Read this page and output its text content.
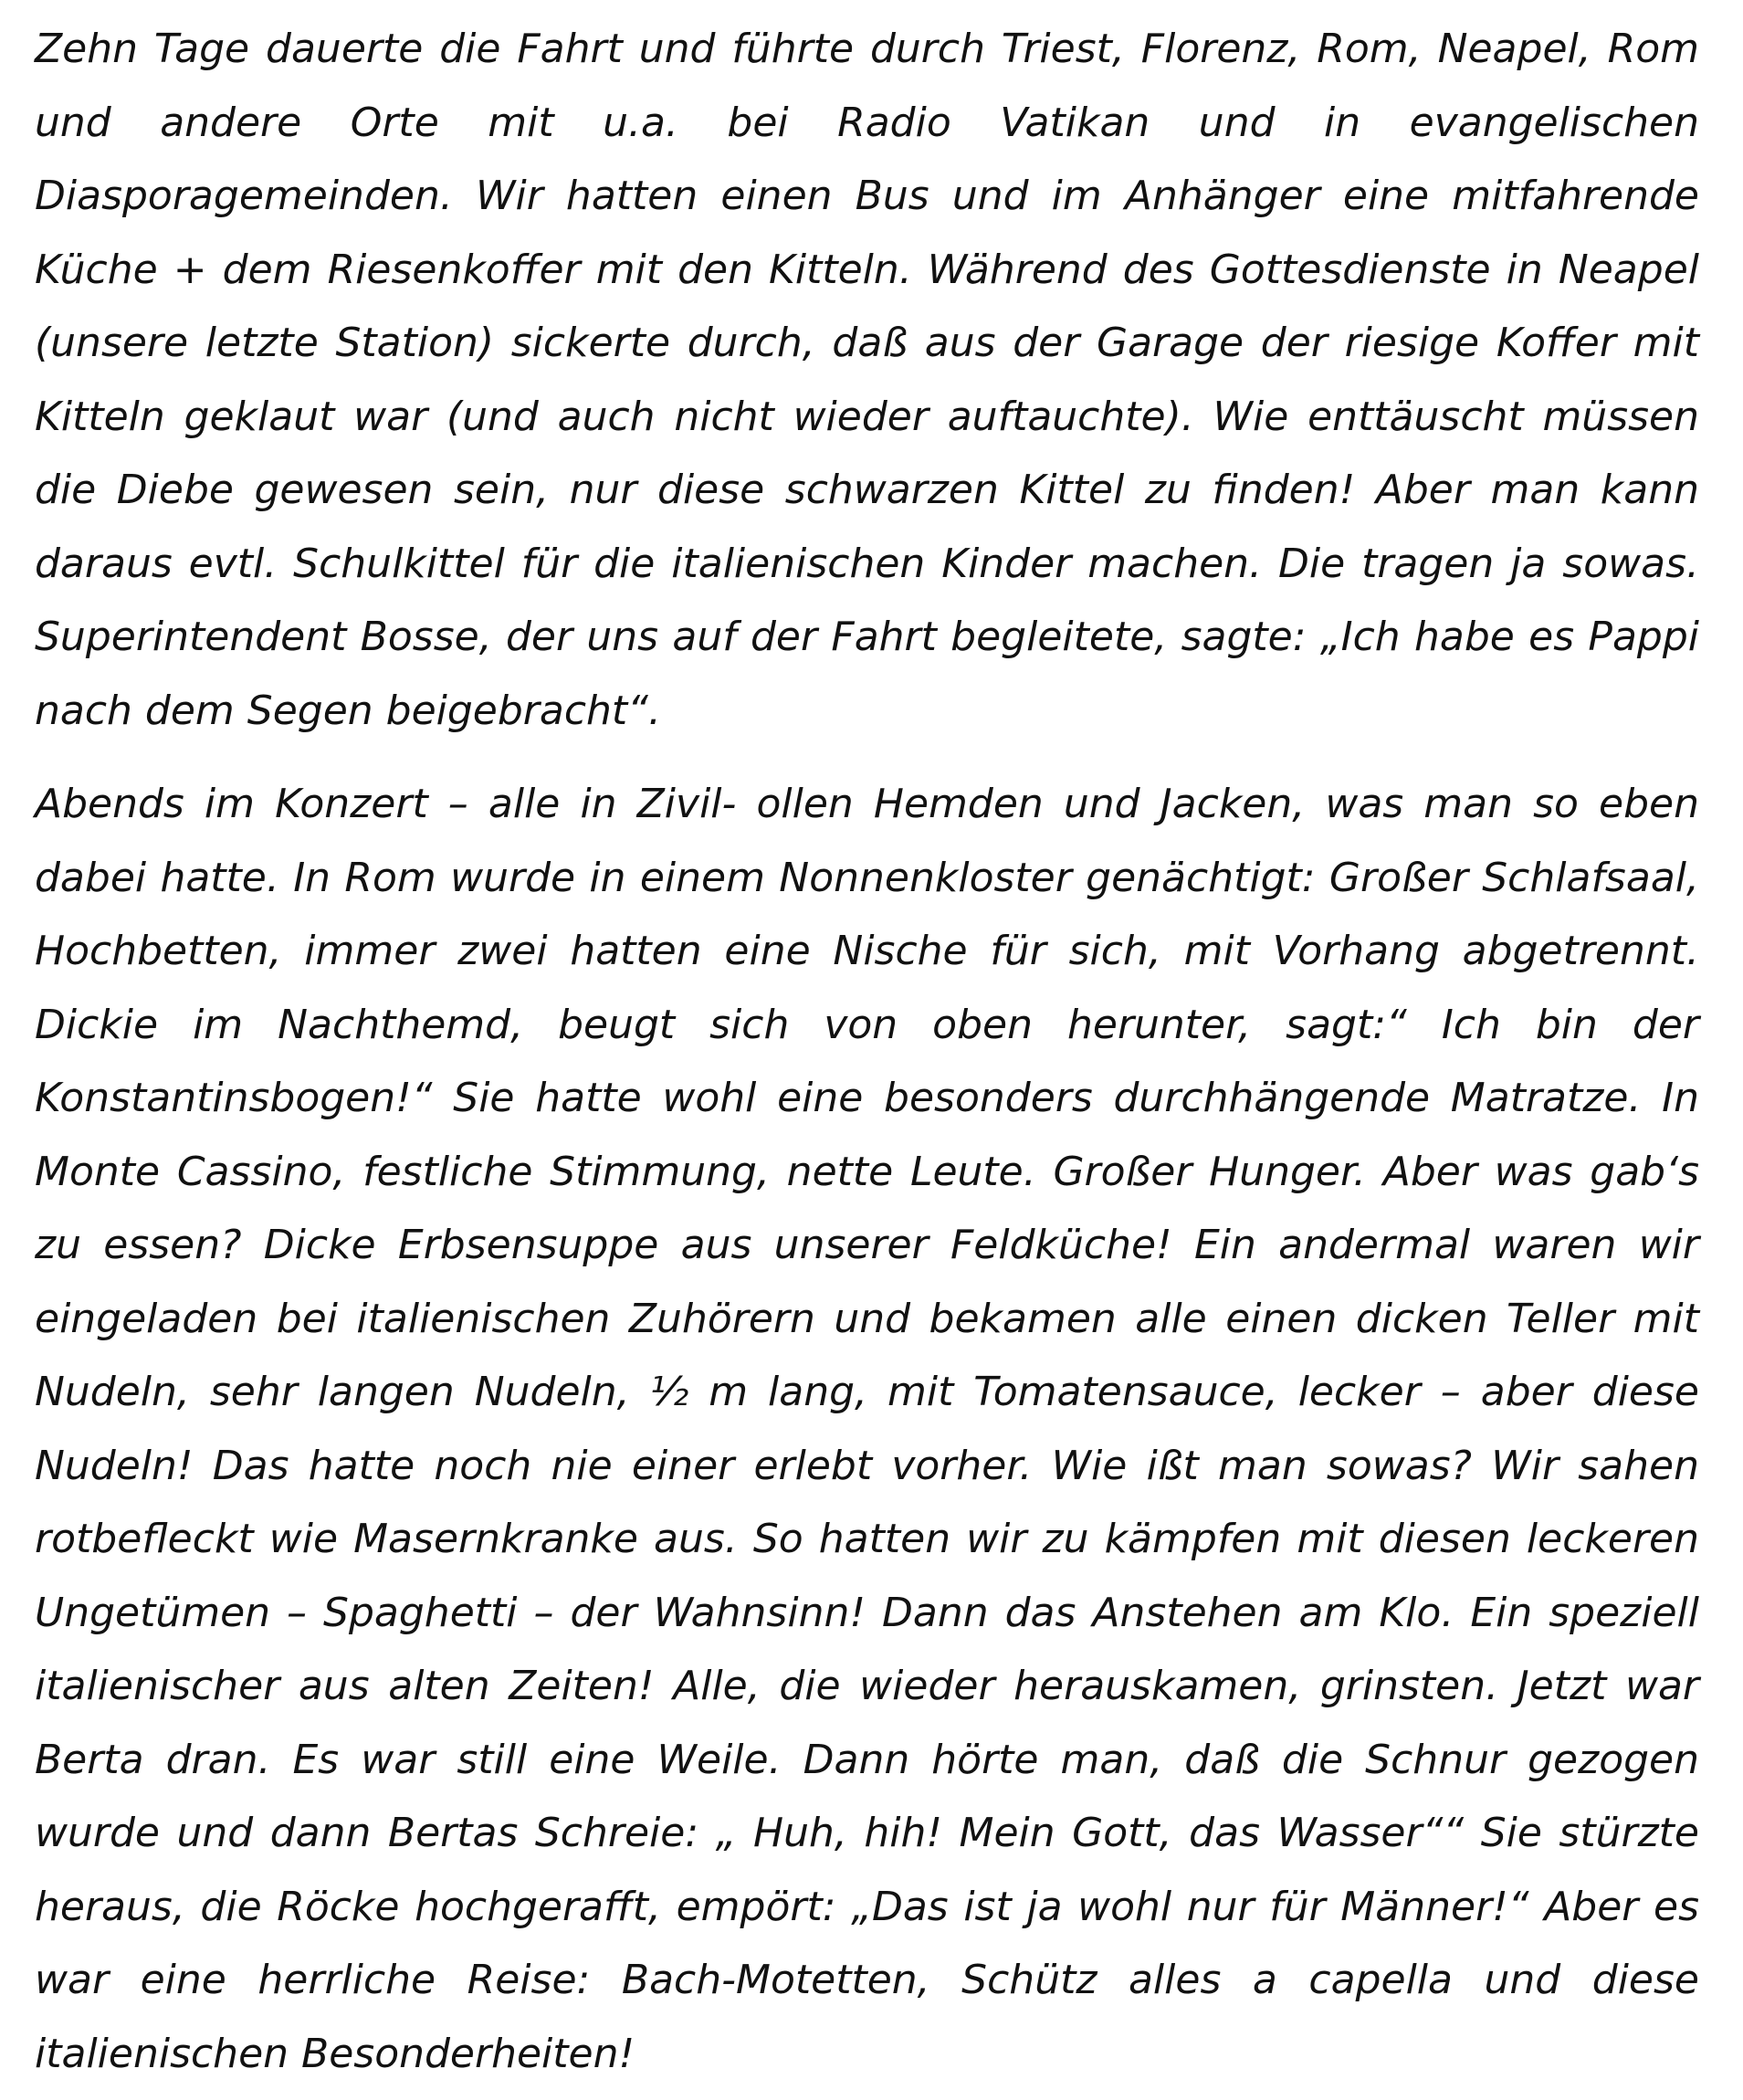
Zehn Tage dauerte die Fahrt und führte durch Triest, Florenz, Rom, Neapel, Rom und andere Orte mit u.a. bei Radio Vatikan und in evangelischen Diasporagemeinden. Wir hatten einen Bus und im Anhänger eine mitfahrende Küche + dem Riesenkoffer mit den Kitteln. Während des Gottesdienste in Neapel (unsere letzte Station) sickerte durch, daß aus der Garage der riesige Koffer mit Kitteln geklaut war (und auch nicht wieder auftauchte). Wie enttäuscht müssen die Diebe gewesen sein, nur diese schwarzen Kittel zu finden! Aber man kann daraus evtl. Schulkittel für die italienischen Kinder machen. Die tragen ja sowas. Superintendent Bosse, der uns auf der Fahrt begleitete, sagte: „Ich habe es Pappi nach dem Segen beigebracht“.

Abends im Konzert – alle in Zivil- ollen Hemden und Jacken, was man so eben dabei hatte. In Rom wurde in einem Nonnenkloster genächtigt: Großer Schlafsaal, Hochbetten, immer zwei hatten eine Nische für sich, mit Vorhang abgetrennt. Dickie im Nachthemd, beugt sich von oben herunter, sagt:“ Ich bin der Konstantinsbogen!“ Sie hatte wohl eine besonders durchhängende Matratze. In Monte Cassino, festliche Stimmung, nette Leute. Großer Hunger. Aber was gab‘s zu essen? Dicke Erbsensuppe aus unserer Feldküche! Ein andermal waren wir eingeladen bei italienischen Zuhörern und bekamen alle einen dicken Teller mit Nudeln, sehr langen Nudeln, ½ m lang, mit Tomatensauce, lecker – aber diese Nudeln! Das hatte noch nie einer erlebt vorher. Wie ißt man sowas? Wir sahen rotbefleckt wie Masernkranke aus. So hatten wir zu kämpfen mit diesen leckeren Ungetümen – Spaghetti – der Wahnsinn! Dann das Anstehen am Klo. Ein speziell italienischer aus alten Zeiten! Alle, die wieder herauskamen, grinsten. Jetzt war Berta dran. Es war still eine Weile. Dann hörte man, daß die Schnur gezogen wurde und dann Bertas Schreie: „ Huh, hih! Mein Gott, das Wasser““ Sie stürzte heraus, die Röcke hochgerafft, empört: „Das ist ja wohl nur für Männer!“ Aber es war eine herrliche Reise: Bach-Motetten, Schütz alles a capella und diese italienischen Besonderheiten!
